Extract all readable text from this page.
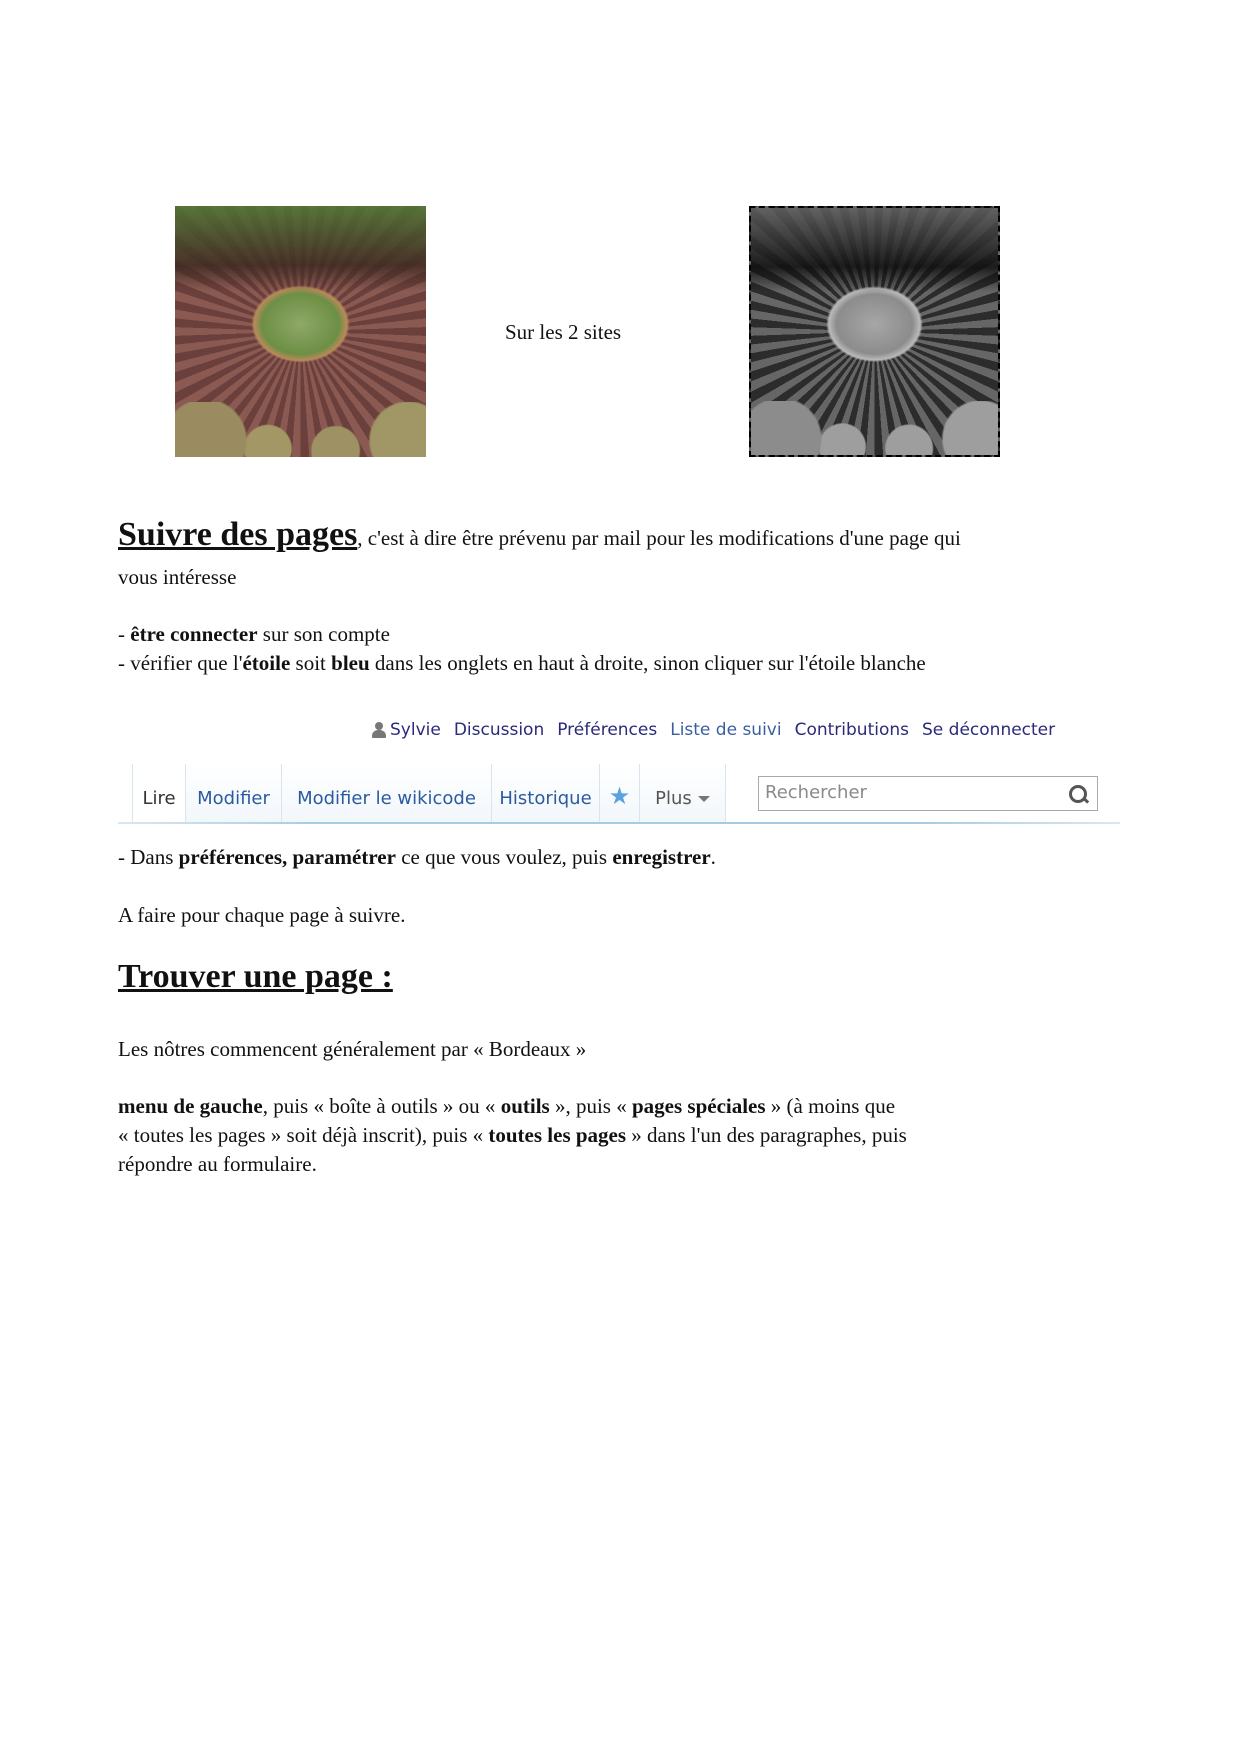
Sur les 2 sites
Suivre des pages, c'est à dire être prévenu par mail pour les modifications d'une page qui
vous intéresse
- être connecter sur son compte
- vérifier que l'étoile soit bleu dans les onglets en haut à droite, sinon cliquer sur l'étoile blanche
Sylvie Discussion Préférences Liste de suivi Contributions Se déconnecter
Lire	Modifier	Modifier le wikicode	Historique ★	Plus
Rechercher
- Dans préférences, paramétrer ce que vous voulez, puis enregistrer.
A faire pour chaque page à suivre.
Trouver une page :
Les nôtres commencent généralement par « Bordeaux »
menu de gauche, puis « boîte à outils » ou « outils », puis « pages spéciales » (à moins que
« toutes les pages » soit déjà inscrit), puis « toutes les pages » dans l'un des paragraphes, puis
répondre au formulaire.
